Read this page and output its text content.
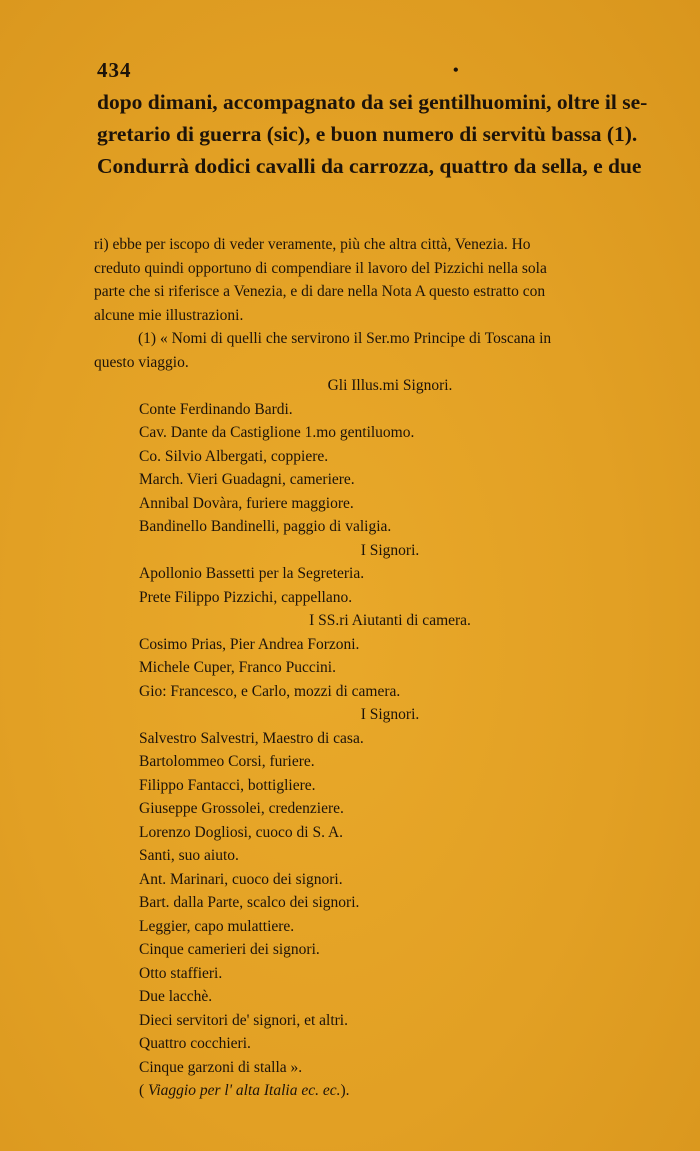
434	•
dopo dimani, accompagnato da sei gentilhuomini, oltre il se-
gretario di guerra (sic), e buon numero di servitù bassa (1).
Condurrà dodici cavalli da carrozza, quattro da sella, e due
ri) ebbe per iscopo di veder veramente, più che altra città, Venezia. Ho
creduto quindi opportuno di compendiare il lavoro del Pizzichi nella sola
parte che si riferisce a Venezia, e di dare nella Nota A questo estratto con
alcune mie illustrazioni.
(1) « Nomi di quelli che servirono il Ser.mo Principe di Toscana in
questo viaggio.
Gli Illus.mi Signori.
Conte Ferdinando Bardi.
Cav. Dante da Castiglione 1.mo gentiluomo.
Co. Silvio Albergati, coppiere.
March. Vieri Guadagni, cameriere.
Annibal Dovàra, furiere maggiore.
Bandinello Bandinelli, paggio di valigia.
I Signori.
Apollonio Bassetti per la Segreteria.
Prete Filippo Pizzichi, cappellano.
I SS.ri Aiutanti di camera.
Cosimo Prias, Pier Andrea Forzoni.
Michele Cuper, Franco Puccini.
Gio: Francesco, e Carlo, mozzi di camera.
I Signori.
Salvestro Salvestri, Maestro di casa.
Bartolommeo Corsi, furiere.
Filippo Fantacci, bottigliere.
Giuseppe Grossolei, credenziere.
Lorenzo Dogliosi, cuoco di S. A.
Santi, suo aiuto.
Ant. Marinari, cuoco dei signori.
Bart. dalla Parte, scalco dei signori.
Leggier, capo mulattiere.
Cinque camerieri dei signori.
Otto staffieri.
Due lacchè.
Dieci servitori de' signori, et altri.
Quattro cocchieri.
Cinque garzoni di stalla ».
( Viaggio per l' alta Italia ec. ec.).
